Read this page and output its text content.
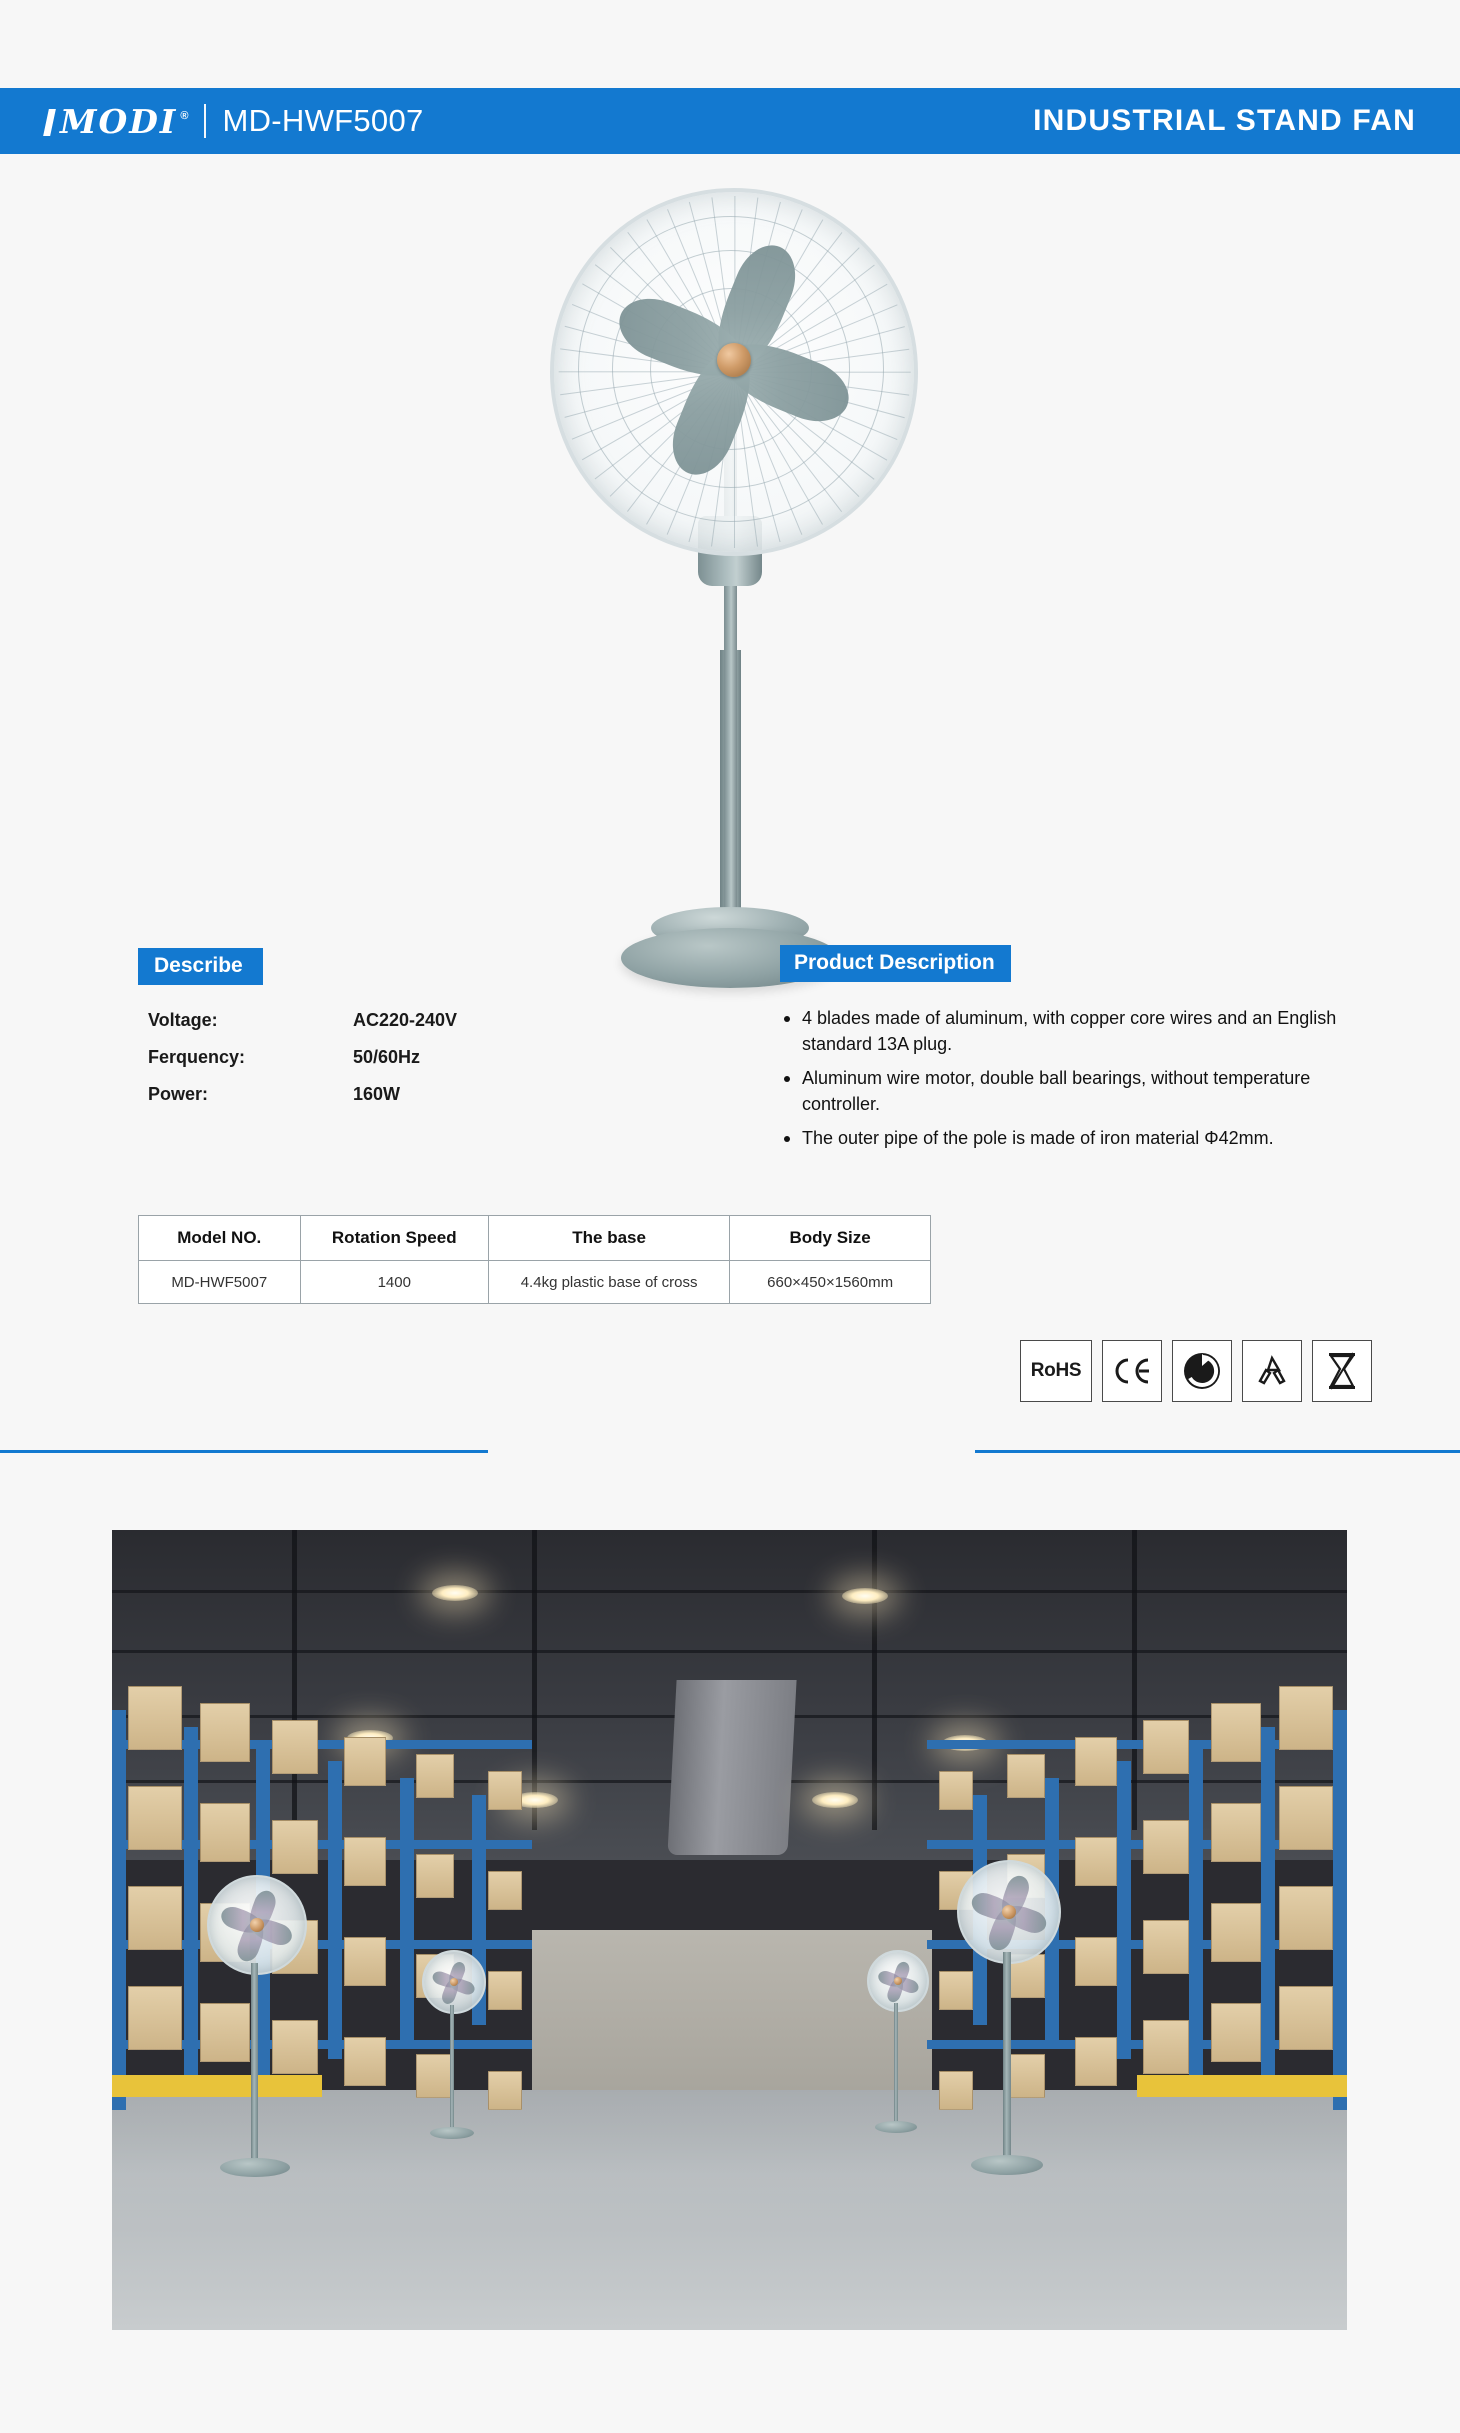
MODI ® MD-HWF5007	INDUSTRIAL STAND FAN
Describe
Voltage:	AC220-240V
Ferquency:	50/60Hz
Power:	160W
Product Description
4 blades made of aluminum, with copper core wires and an English standard 13A plug.
Aluminum wire motor, double ball bearings, without temperature controller.
The outer pipe of the pole is made of iron material Φ42mm.
Model NO.	Rotation Speed	The base	Body Size
MD-HWF5007	1400	4.4kg plastic base of cross	660×450×1560mm
RoHS
